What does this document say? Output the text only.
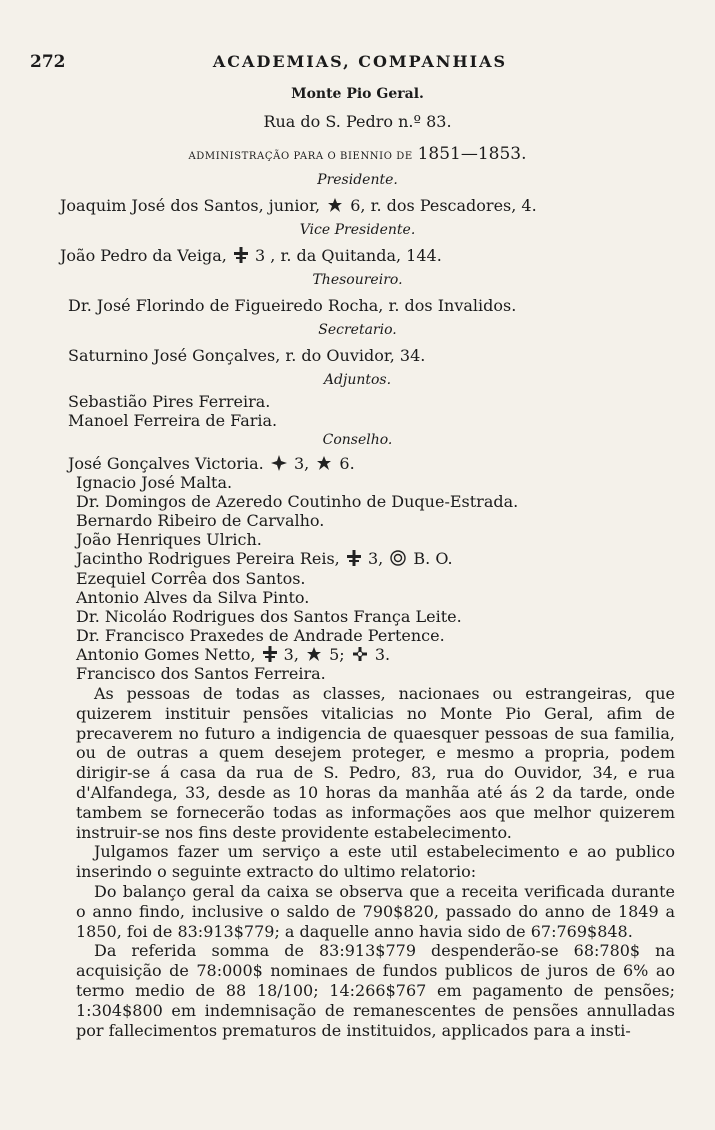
272	ACADEMIAS, COMPANHIAS
Monte Pio Geral.
Rua do S. Pedro n.º 83.
ADMINISTRAÇÃO PARA O BIENNIO DE 1851—1853.
Presidente.
Joaquim José dos Santos, junior, 6, r. dos Pescadores, 4.
Vice Presidente.
João Pedro da Veiga, 3 , r. da Quitanda, 144.
Thesoureiro.
Dr. José Florindo de Figueiredo Rocha, r. dos Invalidos.
Secretario.
Saturnino José Gonçalves, r. do Ouvidor, 34.
Adjuntos.
Sebastião Pires Ferreira.
Manoel Ferreira de Faria.
Conselho.
José Gonçalves Victoria. 3, 6.
Ignacio José Malta.
Dr. Domingos de Azeredo Coutinho de Duque-Estrada.
Bernardo Ribeiro de Carvalho.
João Henriques Ulrich.
Jacintho Rodrigues Pereira Reis, 3, B. O.
Ezequiel Corrêa dos Santos.
Antonio Alves da Silva Pinto.
Dr. Nicoláo Rodrigues dos Santos França Leite.
Dr. Francisco Praxedes de Andrade Pertence.
Antonio Gomes Netto, 3, 5; 3.
Francisco dos Santos Ferreira.

As pessoas de todas as classes, nacionaes ou estrangeiras, que quizerem instituir pensões vitalicias no Monte Pio Geral, afim de precaverem no futuro a indigencia de quaesquer pessoas de sua familia, ou de outras a quem desejem proteger, e mesmo a propria, podem dirigir-se á casa da rua de S. Pedro, 83, rua do Ouvidor, 34, e rua d'Alfandega, 33, desde as 10 horas da manhãa até ás 2 da tarde, onde tambem se fornecerão todas as informações aos que melhor quizerem instruir-se nos fins deste providente estabelecimento.

Julgamos fazer um serviço a este util estabelecimento e ao publico inserindo o seguinte extracto do ultimo relatorio:

Do balanço geral da caixa se observa que a receita verificada durante o anno findo, inclusive o saldo de 790$820, passado do anno de 1849 a 1850, foi de 83:913$779; a daquelle anno havia sido de 67:769$848.

Da referida somma de 83:913$779 despenderão-se 68:780$ na acquisição de 78:000$ nominaes de fundos publicos de juros de 6% ao termo medio de 88 18/100; 14:266$767 em pagamento de pensões; 1:304$800 em indemnisação de remanescentes de pensões annulladas por fallecimentos prematuros de instituidos, applicados para a insti-
